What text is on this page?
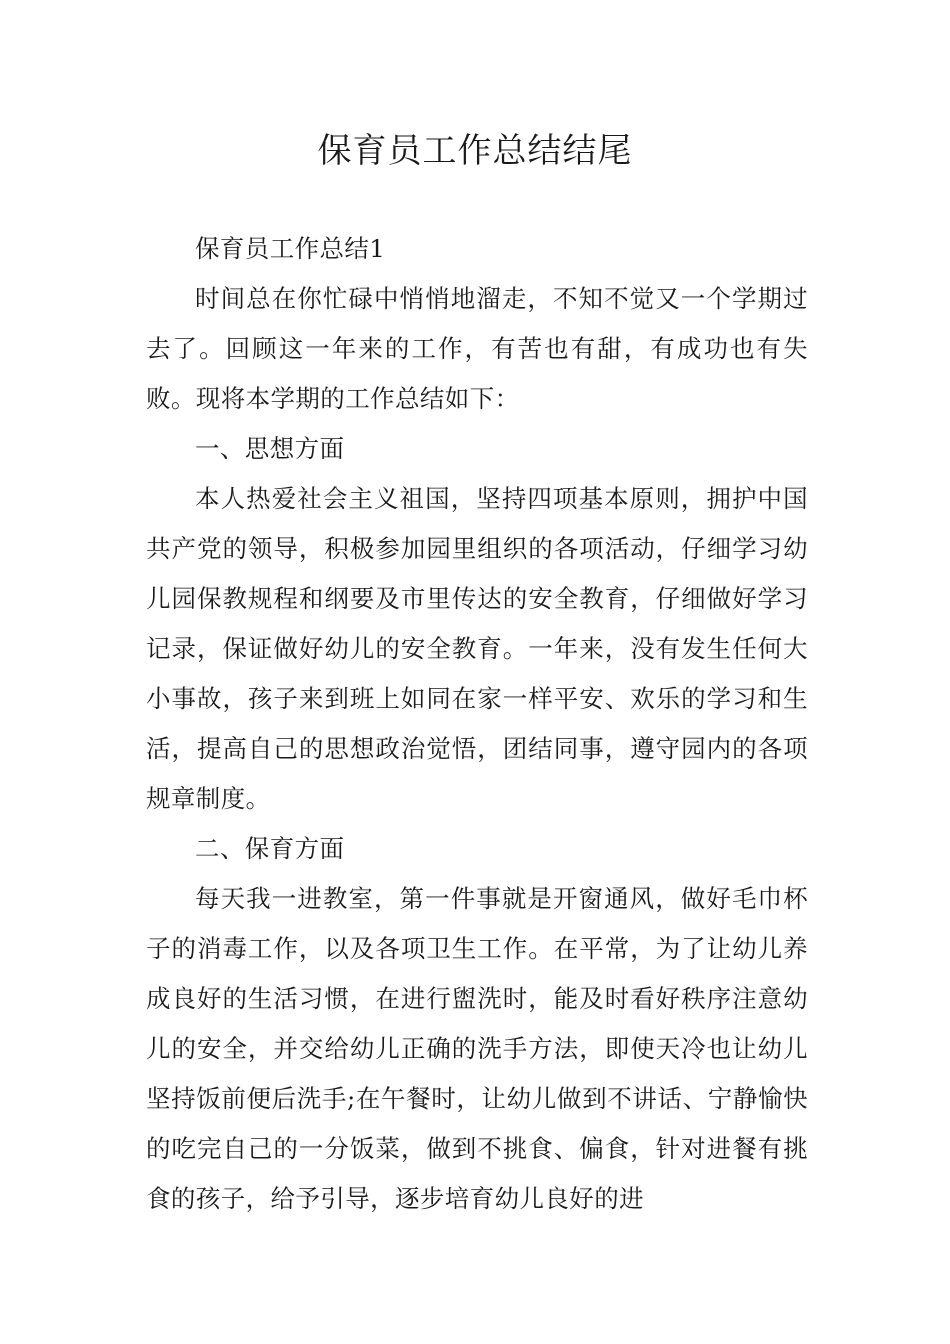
保育员工作总结结尾

保育员工作总结1

时间总在你忙碌中悄悄地溜走，不知不觉又一个学期过去了。回顾这一年来的工作，有苦也有甜，有成功也有失败。现将本学期的工作总结如下：

一、思想方面

本人热爱社会主义祖国，坚持四项基本原则，拥护中国共产党的领导，积极参加园里组织的各项活动，仔细学习幼儿园保教规程和纲要及市里传达的安全教育，仔细做好学习记录，保证做好幼儿的安全教育。一年来，没有发生任何大小事故，孩子来到班上如同在家一样平安、欢乐的学习和生活，提高自己的思想政治觉悟，团结同事，遵守园内的各项规章制度。

二、保育方面

每天我一进教室，第一件事就是开窗通风，做好毛巾杯子的消毒工作，以及各项卫生工作。在平常，为了让幼儿养成良好的生活习惯，在进行盥洗时，能及时看好秩序注意幼儿的安全，并交给幼儿正确的洗手方法，即使天冷也让幼儿坚持饭前便后洗手;在午餐时，让幼儿做到不讲话、宁静愉快的吃完自己的一分饭菜，做到不挑食、偏食，针对进餐有挑食的孩子，给予引导，逐步培育幼儿良好的进
